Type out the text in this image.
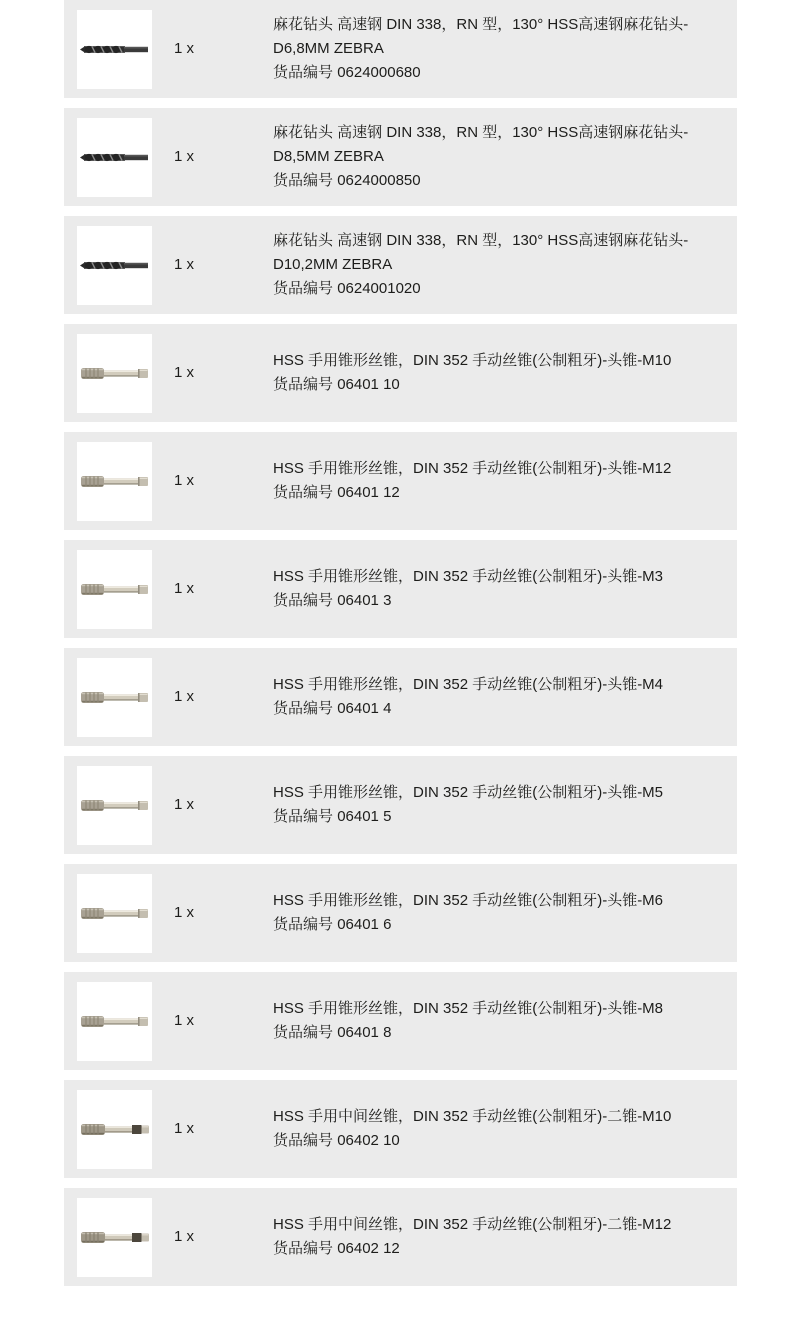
1 x
麻花钻头 高速钢 DIN 338，RN 型，130° HSS高速钢麻花钻头-D6,8MM ZEBRA
货品编号 0624000680
1 x
麻花钻头 高速钢 DIN 338，RN 型，130° HSS高速钢麻花钻头-D8,5MM ZEBRA
货品编号 0624000850
1 x
麻花钻头 高速钢 DIN 338，RN 型，130° HSS高速钢麻花钻头-D10,2MM ZEBRA
货品编号 0624001020
1 x
HSS 手用锥形丝锥，DIN 352 手动丝锥(公制粗牙)-头锥-M10
货品编号 06401 10
1 x
HSS 手用锥形丝锥，DIN 352 手动丝锥(公制粗牙)-头锥-M12
货品编号 06401 12
1 x
HSS 手用锥形丝锥，DIN 352 手动丝锥(公制粗牙)-头锥-M3
货品编号 06401 3
1 x
HSS 手用锥形丝锥，DIN 352 手动丝锥(公制粗牙)-头锥-M4
货品编号 06401 4
1 x
HSS 手用锥形丝锥，DIN 352 手动丝锥(公制粗牙)-头锥-M5
货品编号 06401 5
1 x
HSS 手用锥形丝锥，DIN 352 手动丝锥(公制粗牙)-头锥-M6
货品编号 06401 6
1 x
HSS 手用锥形丝锥，DIN 352 手动丝锥(公制粗牙)-头锥-M8
货品编号 06401 8
1 x
HSS 手用中间丝锥，DIN 352 手动丝锥(公制粗牙)-二锥-M10
货品编号 06402 10
1 x
HSS 手用中间丝锥，DIN 352 手动丝锥(公制粗牙)-二锥-M12
货品编号 06402 12
